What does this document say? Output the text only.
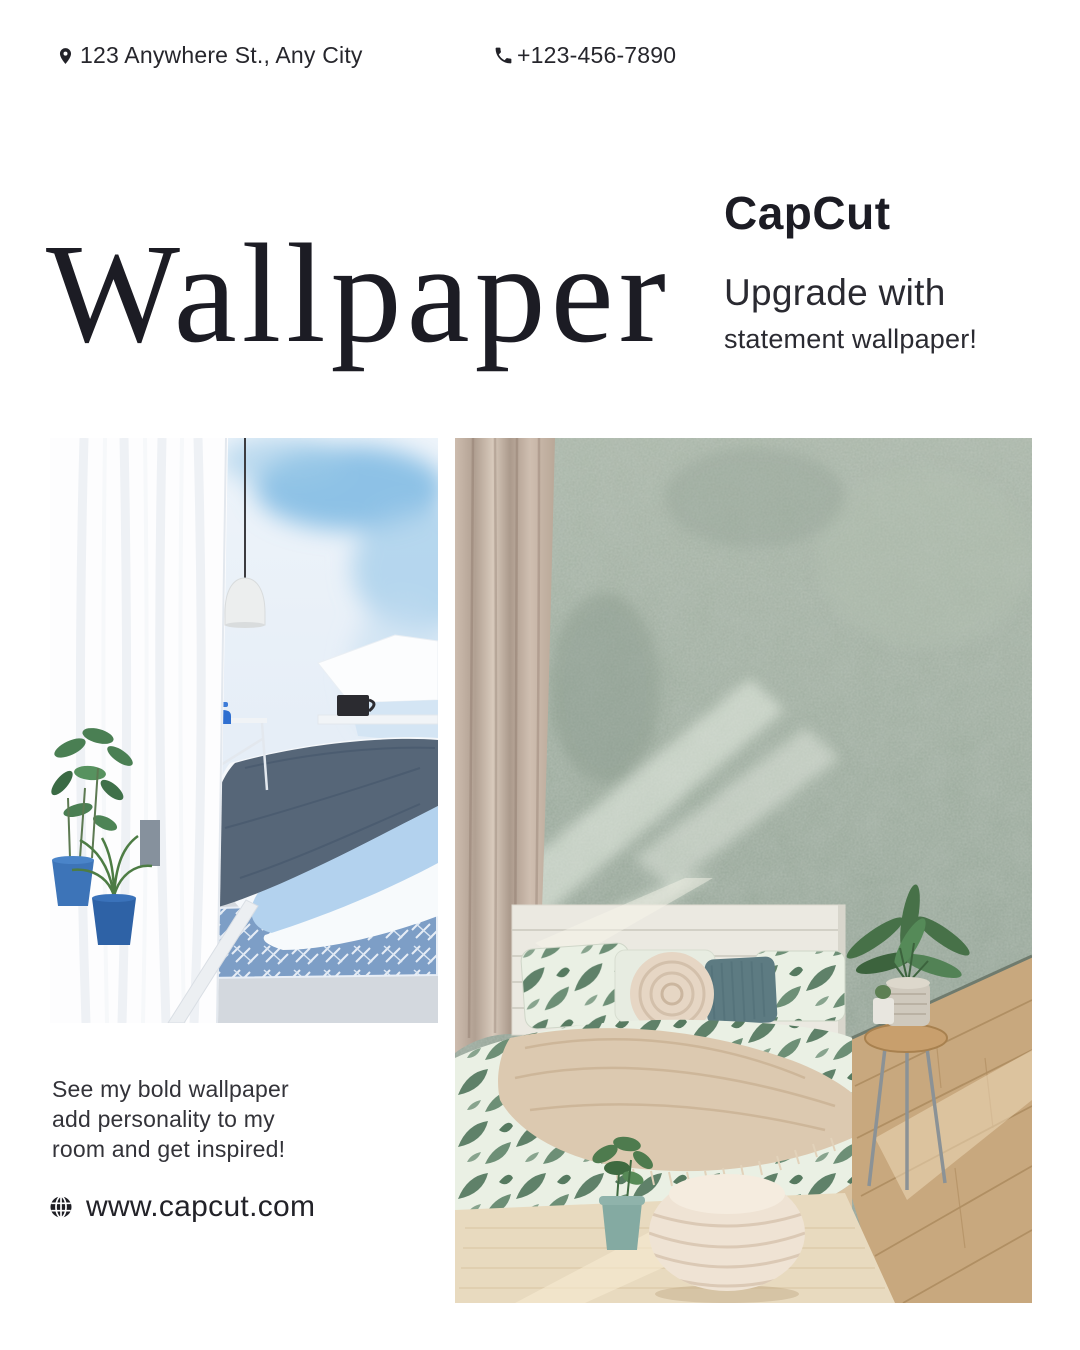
123 Anywhere St., Any City	+123-456-7890
Wallpaper
CapCut
Upgrade with
statement wallpaper!
See my bold wallpaper
add personality to my
room and get inspired!
www.capcut.com
